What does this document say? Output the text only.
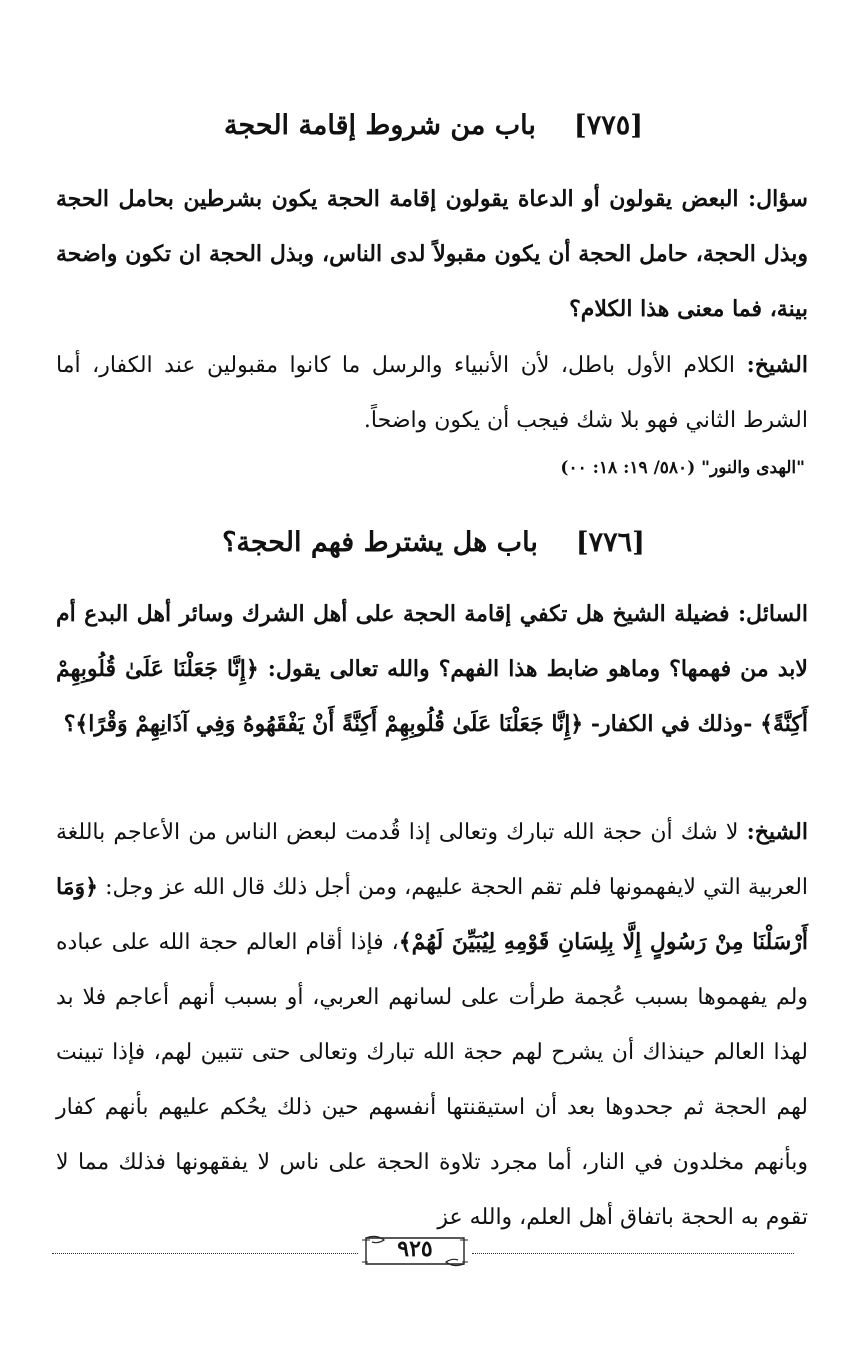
[٧٧٥]باب من شروط إقامة الحجة

سؤال: البعض يقولون أو الدعاة يقولون إقامة الحجة يكون بشرطين بحامل الحجة وبذل الحجة، حامل الحجة أن يكون مقبولاً لدى الناس، وبذل الحجة ان تكون واضحة بينة، فما معنى هذا الكلام؟

الشيخ: الكلام الأول باطل، لأن الأنبياء والرسل ما كانوا مقبولين عند الكفار، أما الشرط الثاني فهو بلا شك فيجب أن يكون واضحاً.

"الهدى والنور" (٥٨٠/ ١٩: ١٨: ٠٠)
[٧٧٦]باب هل يشترط فهم الحجة؟

السائل: فضيلة الشيخ هل تكفي إقامة الحجة على أهل الشرك وسائر أهل البدع أم لابد من فهمها؟ وماهو ضابط هذا الفهم؟ والله تعالى يقول: ﴿إِنَّا جَعَلْنَا عَلَىٰ قُلُوبِهِمْ أَكِنَّةً﴾ -وذلك في الكفار- ﴿إِنَّا جَعَلْنَا عَلَىٰ قُلُوبِهِمْ أَكِنَّةً أَنْ يَفْقَهُوهُ وَفِي آذَانِهِمْ وَقْرًا﴾؟

الشيخ: لا شك أن حجة الله تبارك وتعالى إذا قُدمت لبعض الناس من الأعاجم باللغة العربية التي لايفهمونها فلم تقم الحجة عليهم، ومن أجل ذلك قال الله عز وجل: ﴿وَمَا أَرْسَلْنَا مِنْ رَسُولٍ إِلَّا بِلِسَانِ قَوْمِهِ لِيُبَيِّنَ لَهُمْ﴾، فإذا أقام العالم حجة الله على عباده ولم يفهموها بسبب عُجمة طرأت على لسانهم العربي، أو بسبب أنهم أعاجم فلا بد لهذا العالم حينذاك أن يشرح لهم حجة الله تبارك وتعالى حتى تتبين لهم، فإذا تبينت لهم الحجة ثم جحدوها بعد أن استيقنتها أنفسهم حين ذلك يحُكم عليهم بأنهم كفار وبأنهم مخلدون في النار، أما مجرد تلاوة الحجة على ناس لا يفقهونها فذلك مما لا تقوم به الحجة باتفاق أهل العلم، والله عز

٩٢٥
